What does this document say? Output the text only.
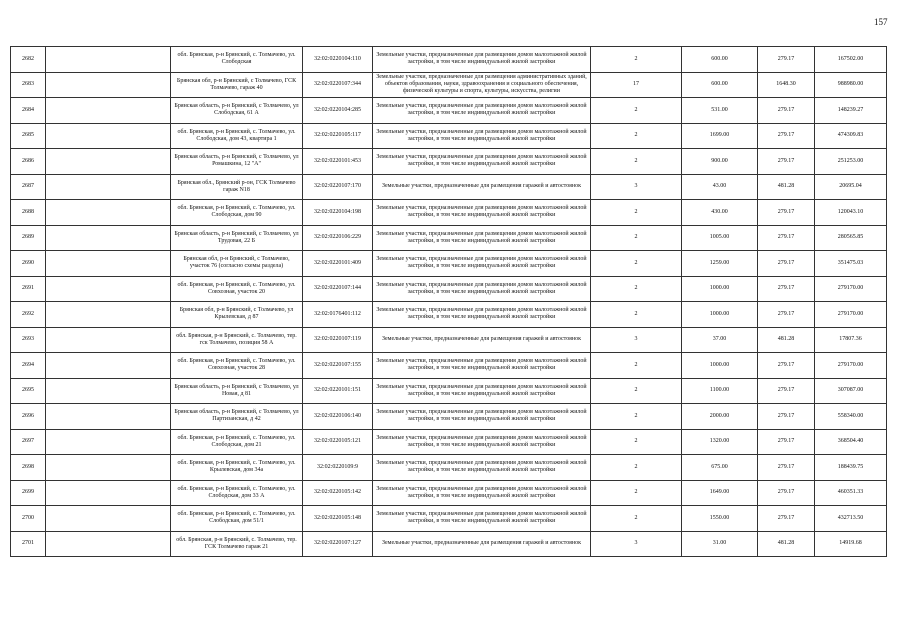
157
2682		обл. Брянская, р-н Брянский, с. Толмачево, ул. Слободская	32:02:0220104:110	Земельные участки, предназначенные для размещения домов малоэтажной жилой застройки, в том числе индивидуальной жилой застройки	2	600.00	279.17	167502.00
2683		Брянская обл, р-н Брянский, с Толмачево, ГСК Толмачево, гараж 40	32:02:0220107:344	Земельные участки, предназначенные для размещения административных зданий, объектов образования, науки, здравоохранения и социального обеспечения, физической культуры и спорта, культуры, искусства, религии	17	600.00	1648.30	988980.00
2684		Брянская область, р-н Брянский, с Толмачево, ул Слободская, 61 А	32:02:0220104:285	Земельные участки, предназначенные для размещения домов малоэтажной жилой застройки, в том числе индивидуальной жилой застройки	2	531.00	279.17	148239.27
2685		обл. Брянская, р-н Брянский, с. Толмачево, ул. Слободская, дом 43, квартира 1	32:02:0220105:117	Земельные участки, предназначенные для размещения домов малоэтажной жилой застройки, в том числе индивидуальной жилой застройки	2	1699.00	279.17	474309.83
2686		Брянская область, р-н Брянский, с Толмачево, ул Ромашкина, 12 "А"	32:02:0220101:453	Земельные участки, предназначенные для размещения домов малоэтажной жилой застройки, в том числе индивидуальной жилой застройки	2	900.00	279.17	251253.00
2687		Брянская обл., Брянский р-он, ГСК Толмачево гараж N18	32:02:0220107:170	Земельные участки, предназначенные для размещения гаражей и автостоянок	3	43.00	481.28	20695.04
2688		обл. Брянская, р-н Брянский, с. Толмачево, ул. Слободская, дом 90	32:02:0220104:198	Земельные участки, предназначенные для размещения домов малоэтажной жилой застройки, в том числе индивидуальной жилой застройки	2	430.00	279.17	120043.10
2689		Брянская область, р-н Брянский, с Толмачево, ул Трудовая, 22 Б	32:02:0220106:229	Земельные участки, предназначенные для размещения домов малоэтажной жилой застройки, в том числе индивидуальной жилой застройки	2	1005.00	279.17	280565.85
2690		Брянская обл, р-н Брянский, с Толмачево, участок 76 (согласно схемы раздела)	32:02:0220101:409	Земельные участки, предназначенные для размещения домов малоэтажной жилой застройки, в том числе индивидуальной жилой застройки	2	1259.00	279.17	351475.03
2691		обл. Брянская, р-н Брянский, с. Толмачево, ул. Совхозная, участок 20	32:02:0220107:144	Земельные участки, предназначенные для размещения домов малоэтажной жилой застройки, в том числе индивидуальной жилой застройки	2	1000.00	279.17	279170.00
2692		Брянская обл, р-н Брянский, с Толмачево, ул Крылевская, д 87	32:02:0176401:112	Земельные участки, предназначенные для размещения домов малоэтажной жилой застройки, в том числе индивидуальной жилой застройки	2	1000.00	279.17	279170.00
2693		обл. Брянская, р-н Брянский, с. Толмачево, тер. гск Толмачево, позиция 58 А	32:02:0220107:119	Земельные участки, предназначенные для размещения гаражей и автостоянок	3	37.00	481.28	17807.36
2694		обл. Брянская, р-н Брянский, с. Толмачево, ул. Совхозная, участок 28	32:02:0220107:155	Земельные участки, предназначенные для размещения домов малоэтажной жилой застройки, в том числе индивидуальной жилой застройки	2	1000.00	279.17	279170.00
2695		Брянская область, р-н Брянский, с Толмачево, ул Новая, д 81	32:02:0220101:151	Земельные участки, предназначенные для размещения домов малоэтажной жилой застройки, в том числе индивидуальной жилой застройки	2	1100.00	279.17	307087.00
2696		Брянская область, р-н Брянский, с Толмачево, ул Партизанская, д 42	32:02:0220106:140	Земельные участки, предназначенные для размещения домов малоэтажной жилой застройки, в том числе индивидуальной жилой застройки	2	2000.00	279.17	558340.00
2697		обл. Брянская, р-н Брянский, с. Толмачево, ул. Слободская, дом 21	32:02:0220105:121	Земельные участки, предназначенные для размещения домов малоэтажной жилой застройки, в том числе индивидуальной жилой застройки	2	1320.00	279.17	368504.40
2698		обл. Брянская, р-н Брянский, с. Толмачево, ул. Крылевская, дом 34а	32:02:0220109:9	Земельные участки, предназначенные для размещения домов малоэтажной жилой застройки, в том числе индивидуальной жилой застройки	2	675.00	279.17	188439.75
2699		обл. Брянская, р-н Брянский, с. Толмачево, ул. Слободская, дом 33 А	32:02:0220105:142	Земельные участки, предназначенные для размещения домов малоэтажной жилой застройки, в том числе индивидуальной жилой застройки	2	1649.00	279.17	460351.33
2700		обл. Брянская, р-н Брянский, с. Толмачево, ул. Слободская, дом 51/1	32:02:0220105:148	Земельные участки, предназначенные для размещения домов малоэтажной жилой застройки, в том числе индивидуальной жилой застройки	2	1550.00	279.17	432713.50
2701		обл. Брянская, р-н Брянский, с. Толмачево, тер. ГСК Толмачево гараж 21	32:02:0220107:127	Земельные участки, предназначенные для размещения гаражей и автостоянок	3	31.00	481.28	14919.68
